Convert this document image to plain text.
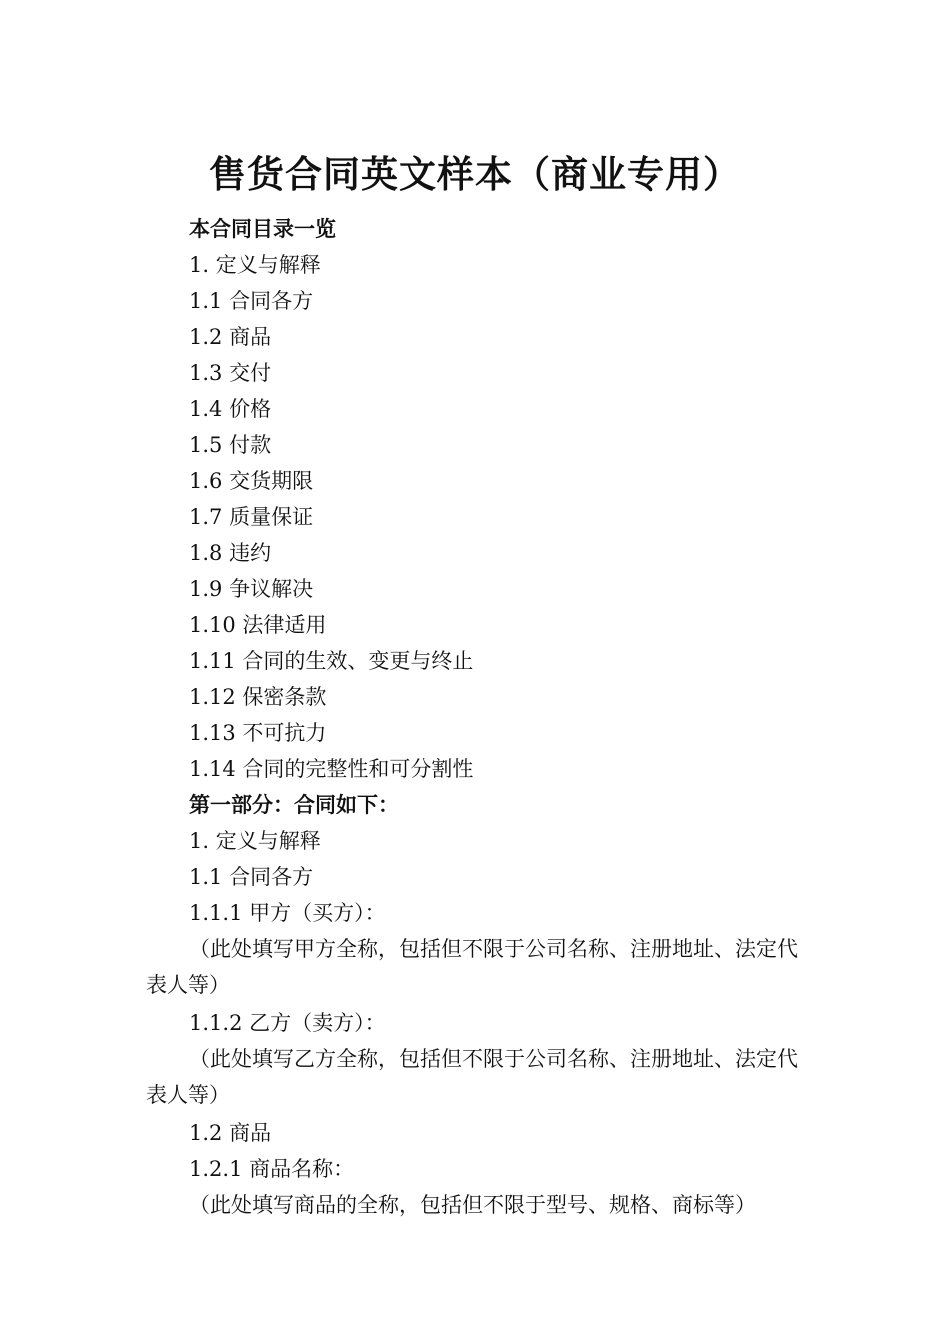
售货合同英文样本（商业专用）
本合同目录一览
1. 定义与解释
1.1 合同各方
1.2 商品
1.3 交付
1.4 价格
1.5 付款
1.6 交货期限
1.7 质量保证
1.8 违约
1.9 争议解决
1.10 法律适用
1.11 合同的生效、变更与终止
1.12 保密条款
1.13 不可抗力
1.14 合同的完整性和可分割性
第一部分：合同如下：
1. 定义与解释
1.1 合同各方
1.1.1 甲方（买方）：
（此处填写甲方全称，包括但不限于公司名称、注册地址、法定代表人等）
1.1.2 乙方（卖方）：
（此处填写乙方全称，包括但不限于公司名称、注册地址、法定代表人等）
1.2 商品
1.2.1 商品名称：
（此处填写商品的全称，包括但不限于型号、规格、商标等）
